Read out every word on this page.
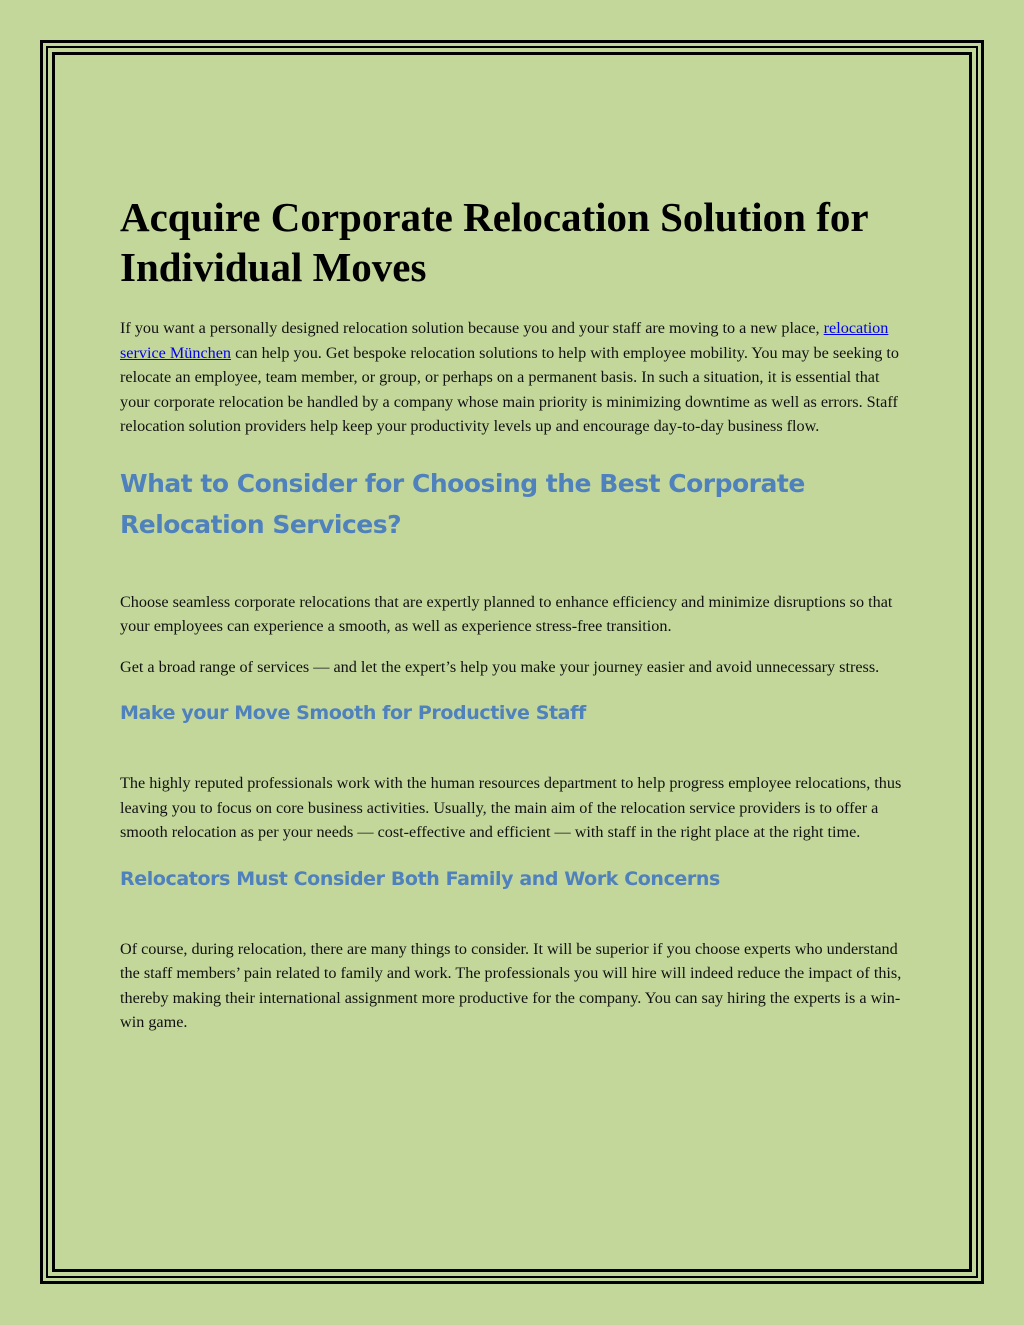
Acquire Corporate Relocation Solution for Individual Moves

If you want a personally designed relocation solution because you and your staff are moving to a new place, relocation service München can help you. Get bespoke relocation solutions to help with employee mobility. You may be seeking to relocate an employee, team member, or group, or perhaps on a permanent basis. In such a situation, it is essential that your corporate relocation be handled by a company whose main priority is minimizing downtime as well as errors. Staff relocation solution providers help keep your productivity levels up and encourage day-to-day business flow.

What to Consider for Choosing the Best Corporate Relocation Services?

Choose seamless corporate relocations that are expertly planned to enhance efficiency and minimize disruptions so that your employees can experience a smooth, as well as experience stress-free transition.

Get a broad range of services — and let the expert’s help you make your journey easier and avoid unnecessary stress.

Make your Move Smooth for Productive Staff

The highly reputed professionals work with the human resources department to help progress employee relocations, thus leaving you to focus on core business activities. Usually, the main aim of the relocation service providers is to offer a smooth relocation as per your needs — cost-effective and efficient — with staff in the right place at the right time.

Relocators Must Consider Both Family and Work Concerns

Of course, during relocation, there are many things to consider. It will be superior if you choose experts who understand the staff members’ pain related to family and work. The professionals you will hire will indeed reduce the impact of this, thereby making their international assignment more productive for the company. You can say hiring the experts is a win-win game.
